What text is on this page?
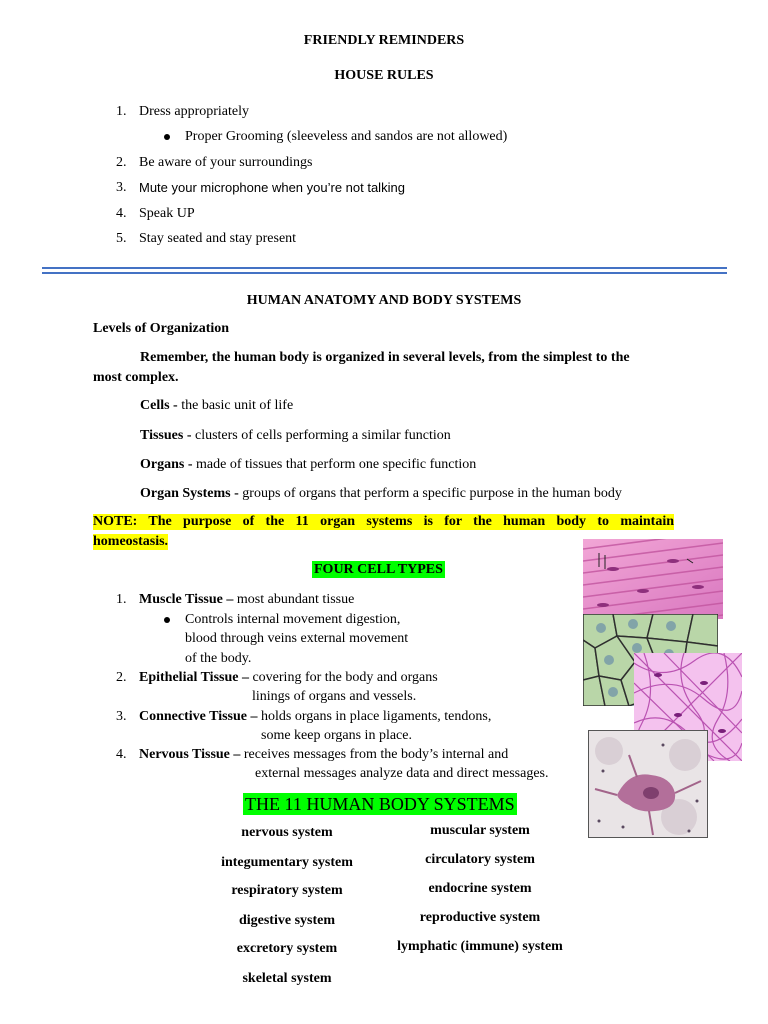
FRIENDLY REMINDERS
HOUSE RULES
1. Dress appropriately
Proper Grooming (sleeveless and sandos are not allowed)
2. Be aware of your surroundings
3. Mute your microphone when you’re not talking
4. Speak UP
5. Stay seated and stay present
HUMAN ANATOMY AND BODY SYSTEMS
Levels of Organization
Remember, the human body is organized in several levels, from the simplest to the
most complex.
Cells - the basic unit of life
Tissues - clusters of cells performing a similar function
Organs - made of tissues that perform one specific function
Organ Systems - groups of organs that perform a specific purpose in the human body
NOTE: The purpose of the 11 organ systems is for the human body to maintain
homeostasis.
FOUR CELL TYPES
1. Muscle Tissue – most abundant tissue
Controls internal movement digestion,
blood through veins external movement
of the body.
2. Epithelial Tissue – covering for the body and organs
linings of organs and vessels.
3. Connective Tissue – holds organs in place ligaments, tendons,
some keep organs in place.
4. Nervous Tissue – receives messages from the body’s internal and
external messages analyze data and direct messages.
THE 11 HUMAN BODY SYSTEMS
nervous system
integumentary system
respiratory system
digestive system
excretory system
skeletal system
muscular system
circulatory system
endocrine system
reproductive system
lymphatic (immune) system
